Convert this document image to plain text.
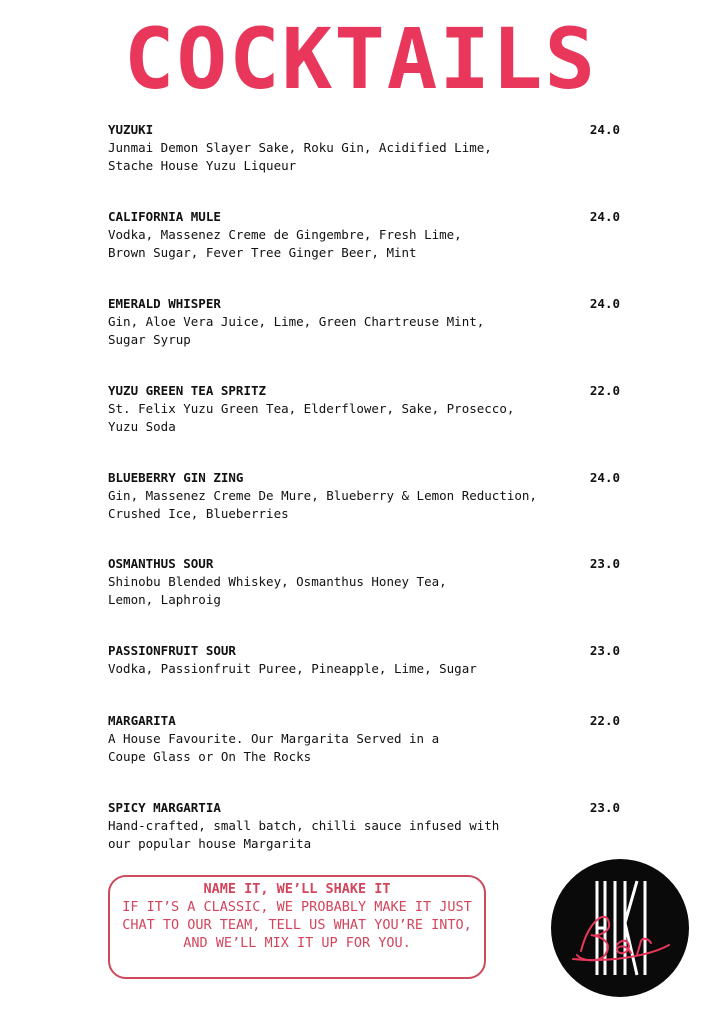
COCKTAILS
YUZUKI	24.0
Junmai Demon Slayer Sake, Roku Gin, Acidified Lime,
Stache House Yuzu Liqueur
CALIFORNIA MULE	24.0
Vodka, Massenez Creme de Gingembre, Fresh Lime,
Brown Sugar, Fever Tree Ginger Beer, Mint
EMERALD WHISPER	24.0
Gin, Aloe Vera Juice, Lime, Green Chartreuse Mint,
Sugar Syrup
YUZU GREEN TEA SPRITZ	22.0
St. Felix Yuzu Green Tea, Elderflower, Sake, Prosecco,
Yuzu Soda
BLUEBERRY GIN ZING	24.0
Gin, Massenez Creme De Mure, Blueberry & Lemon Reduction,
Crushed Ice, Blueberries
OSMANTHUS SOUR	23.0
Shinobu Blended Whiskey, Osmanthus Honey Tea,
Lemon, Laphroig
PASSIONFRUIT SOUR	23.0
Vodka, Passionfruit Puree, Pineapple, Lime, Sugar
MARGARITA	22.0
A House Favourite. Our Margarita Served in a
Coupe Glass or On The Rocks
SPICY MARGARTIA	23.0
Hand-crafted, small batch, chilli sauce infused with
our popular house Margarita
NAME IT, WE’LL SHAKE IT
IF IT’S A CLASSIC, WE PROBABLY MAKE IT JUST CHAT TO OUR TEAM, TELL US WHAT YOU’RE INTO, AND WE’LL MIX IT UP FOR YOU.
